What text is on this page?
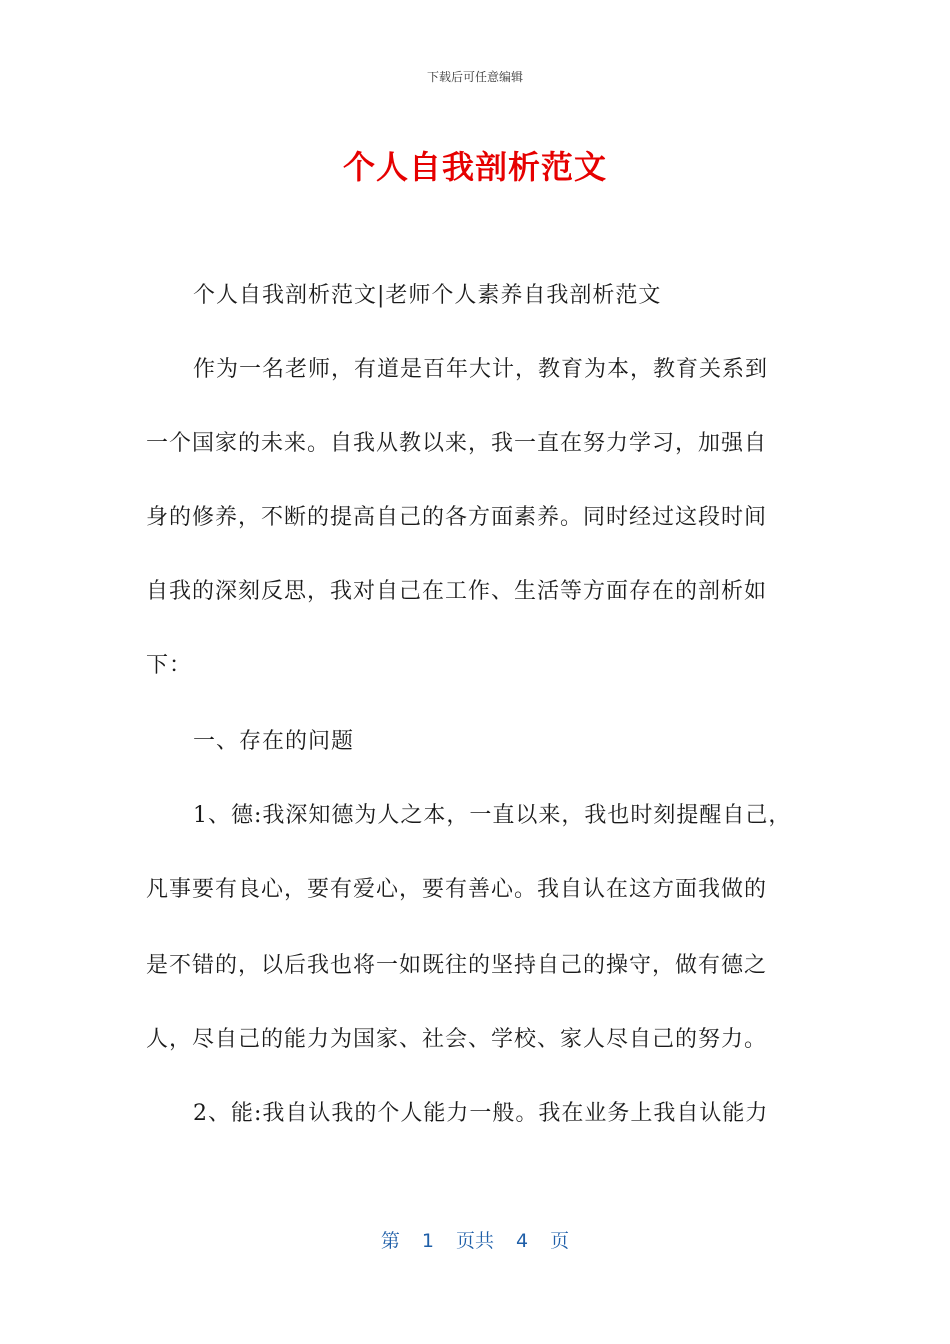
下载后可任意编辑
个人自我剖析范文
个人自我剖析范文|老师个人素养自我剖析范文
作为一名老师，有道是百年大计，教育为本，教育关系到
一个国家的未来。自我从教以来，我一直在努力学习，加强自
身的修养，不断的提高自己的各方面素养。同时经过这段时间
自我的深刻反思，我对自己在工作、生活等方面存在的剖析如
下：
一、存在的问题
1、德:我深知德为人之本，一直以来，我也时刻提醒自己，
凡事要有良心，要有爱心，要有善心。我自认在这方面我做的
是不错的，以后我也将一如既往的坚持自己的操守，做有德之
人，尽自己的能力为国家、社会、学校、家人尽自己的努力。
2、能:我自认我的个人能力一般。我在业务上我自认能力
第 1 页共 4 页
